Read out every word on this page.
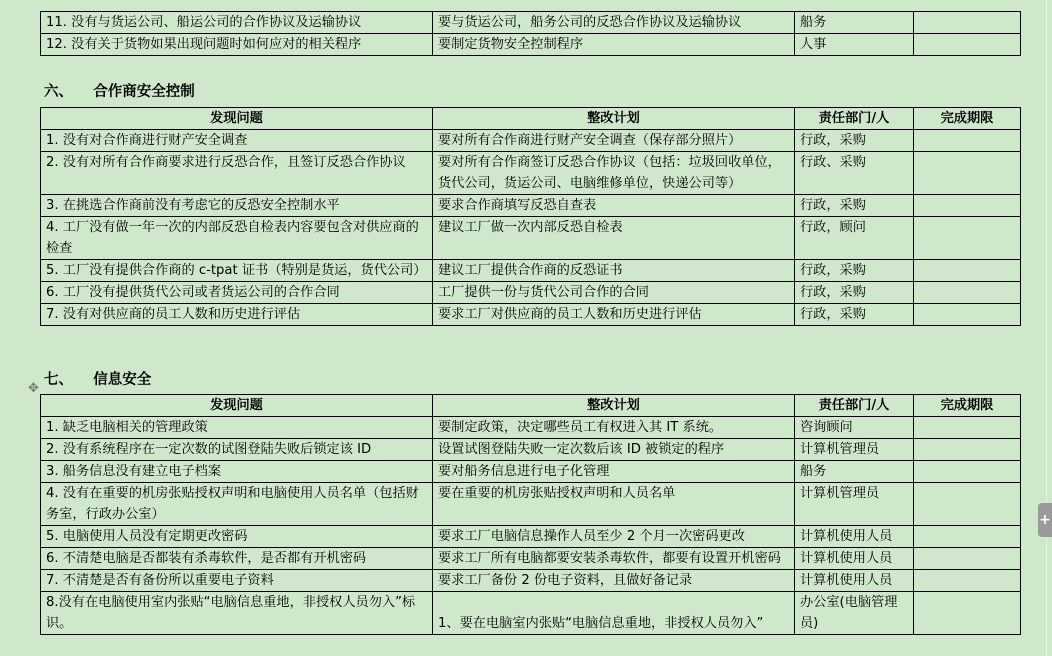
11. 没有与货运公司、船运公司的合作协议及运输协议	要与货运公司，船务公司的反恐合作协议及运输协议	船务	
12. 没有关于货物如果出现问题时如何应对的相关程序	要制定货物安全控制程序	人事	
六、    合作商安全控制
发现问题	整改计划	责任部门/人	完成期限
1. 没有对合作商进行财产安全调查	要对所有合作商进行财产安全调查（保存部分照片）	行政，采购	
2. 没有对所有合作商要求进行反恐合作，且签订反恐合作协议	要对所有合作商签订反恐合作协议（包括：垃圾回收单位，货代公司，货运公司、电脑维修单位，快递公司等）	行政、采购	
3. 在挑选合作商前没有考虑它的反恐安全控制水平	要求合作商填写反恐自查表	行政，采购	
4. 工厂没有做一年一次的内部反恐自检表内容要包含对供应商的检查	建议工厂做一次内部反恐自检表	行政，顾问	
5. 工厂没有提供合作商的 c-tpat 证书（特别是货运，货代公司）	建议工厂提供合作商的反恐证书	行政，采购	
6. 工厂没有提供货代公司或者货运公司的合作合同	工厂提供一份与货代公司合作的合同	行政，采购	
7. 没有对供应商的员工人数和历史进行评估	要求工厂对供应商的员工人数和历史进行评估	行政，采购	
✥
七、    信息安全
发现问题	整改计划	责任部门/人	完成期限
1. 缺乏电脑相关的管理政策	要制定政策，决定哪些员工有权进入其 IT 系统。	咨询顾问	
2. 没有系统程序在一定次数的试图登陆失败后锁定该 ID	设置试图登陆失败一定次数后该 ID 被锁定的程序	计算机管理员	
3. 船务信息没有建立电子档案	要对船务信息进行电子化管理	船务	
4. 没有在重要的机房张贴授权声明和电脑使用人员名单（包括财务室，行政办公室）	要在重要的机房张贴授权声明和人员名单	计算机管理员	
5. 电脑使用人员没有定期更改密码	要求工厂电脑信息操作人员至少 2 个月一次密码更改	计算机使用人员	
6. 不清楚电脑是否都装有杀毒软件，是否都有开机密码	要求工厂所有电脑都要安装杀毒软件，都要有设置开机密码	计算机使用人员	
7. 不清楚是否有备份所以重要电子资料	要求工厂备份 2 份电子资料，且做好备记录	计算机使用人员	
8.没有在电脑使用室内张贴“电脑信息重地，非授权人员勿入”标识。	1、要在电脑室内张贴“电脑信息重地，非授权人员勿入”	办公室(电脑管理员)	
+
